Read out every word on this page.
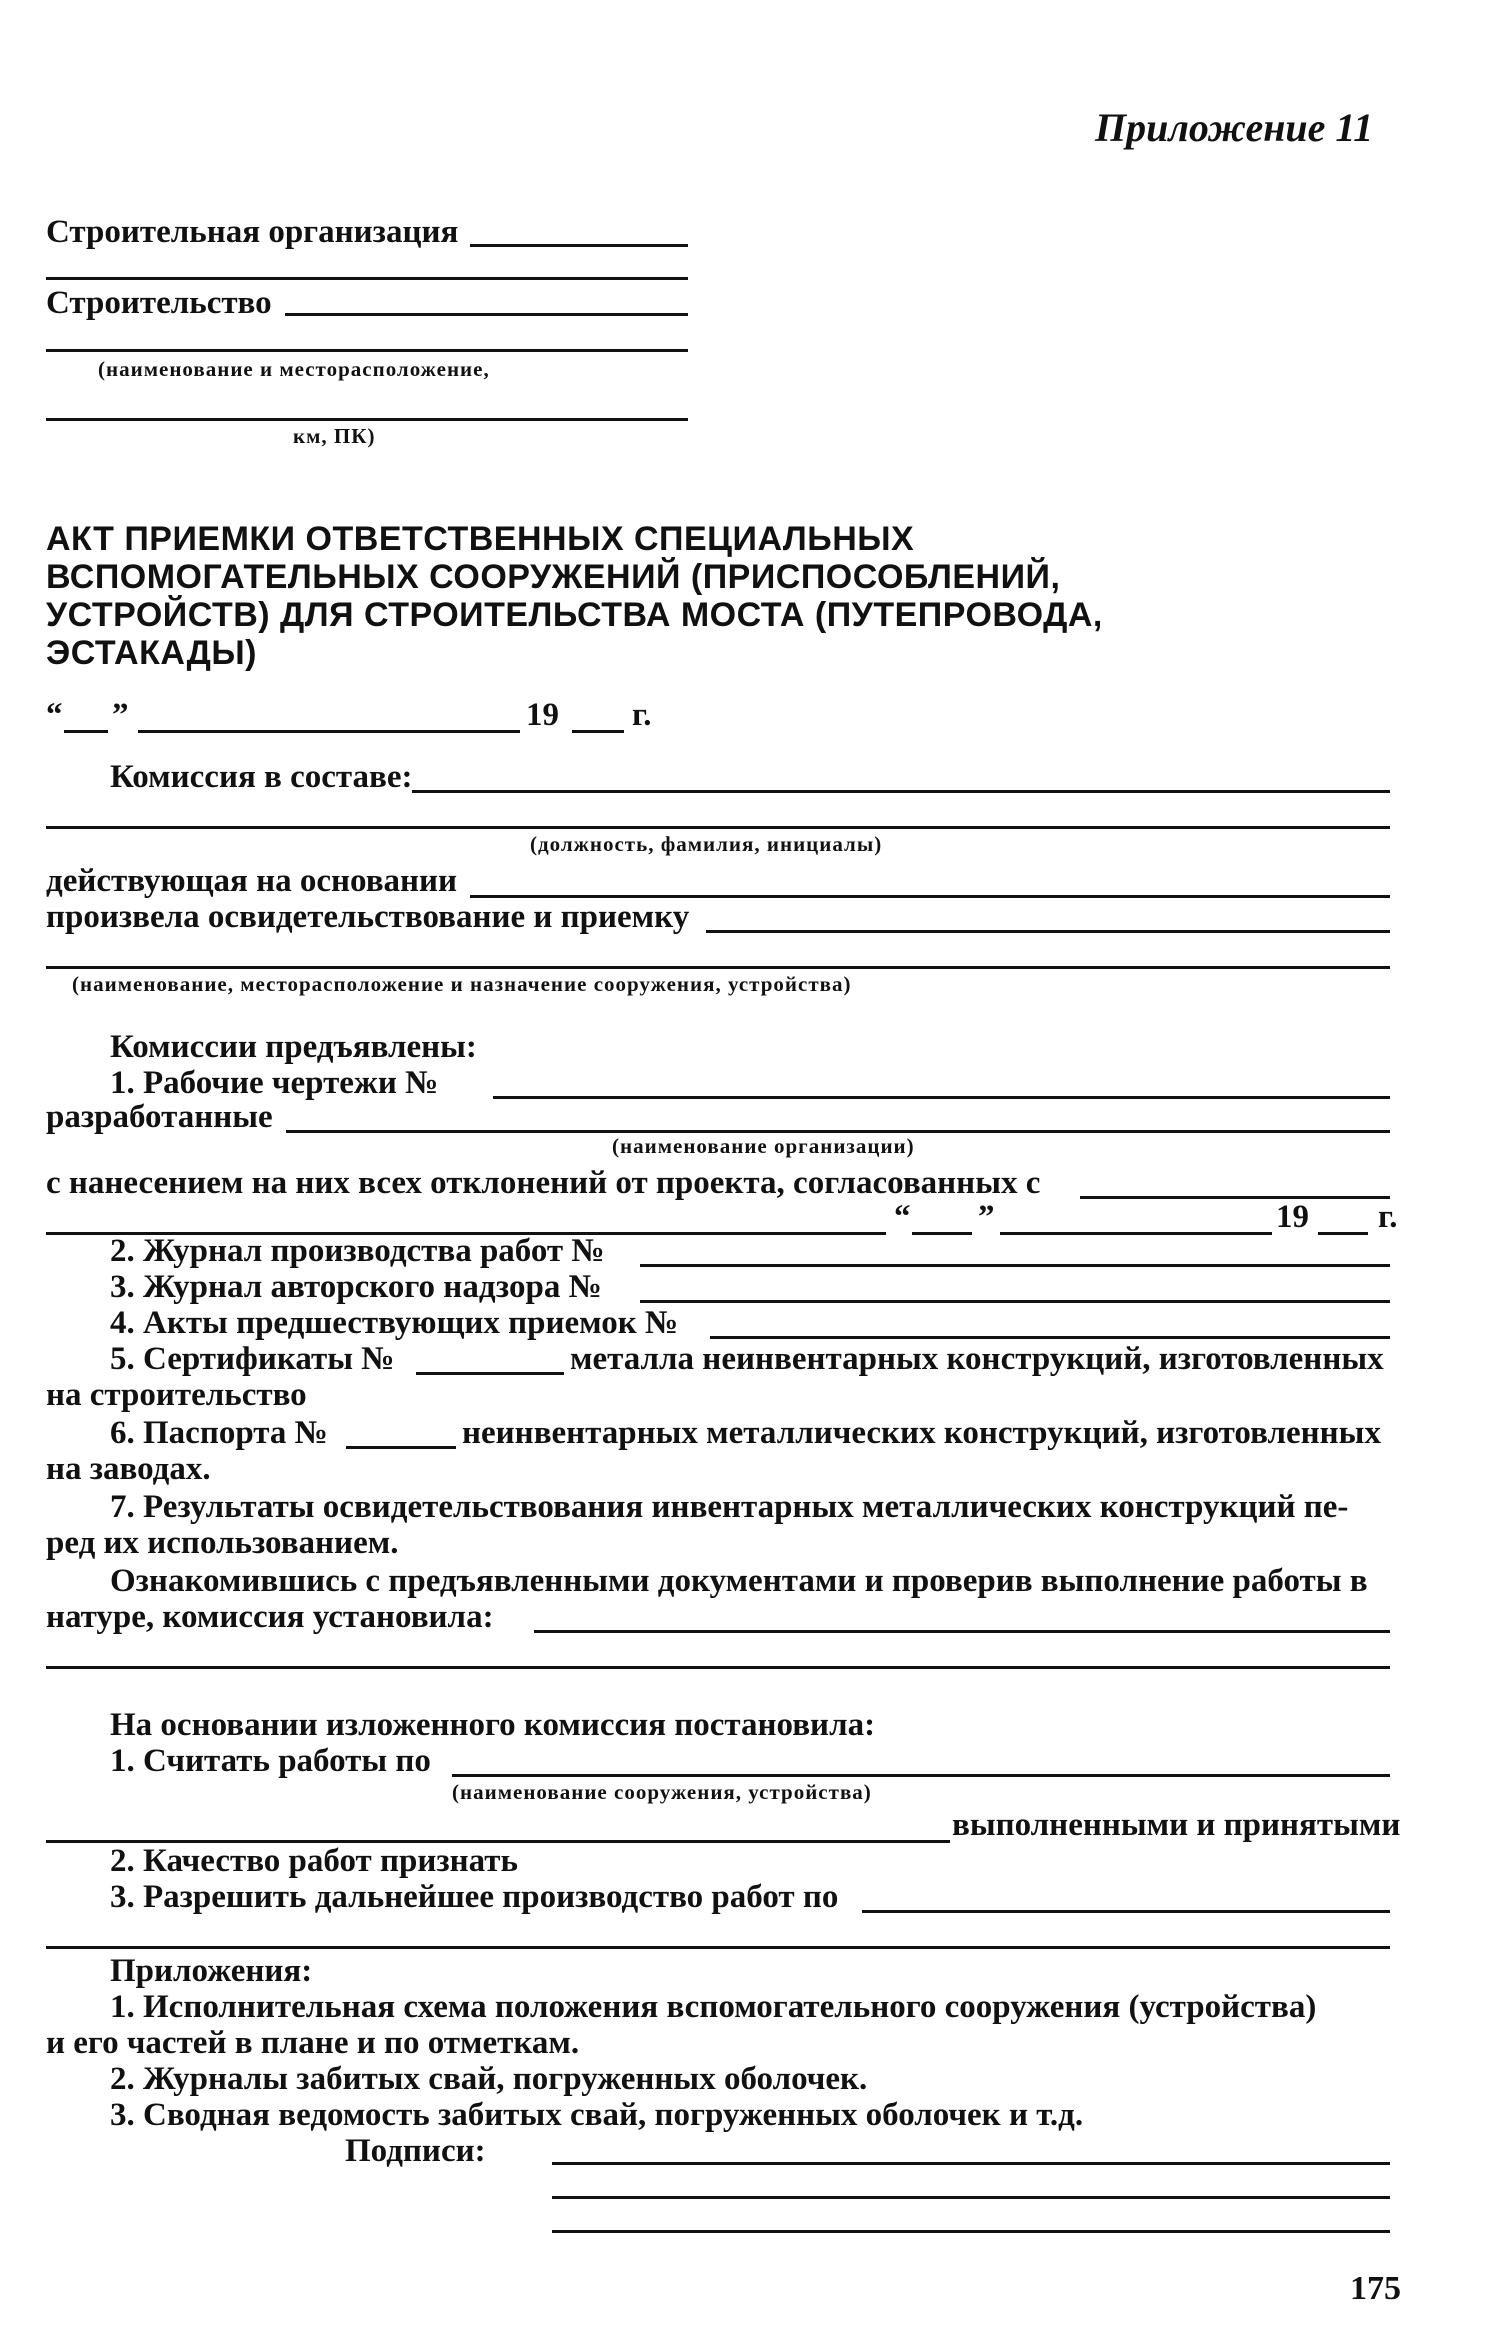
Приложение 11
Строительная организация
Строительство
(наименование и месторасположение,
км, ПК)
АКТ ПРИЕМКИ ОТВЕТСТВЕННЫХ СПЕЦИАЛЬНЫХ
ВСПОМОГАТЕЛЬНЫХ СООРУЖЕНИЙ (ПРИСПОСОБЛЕНИЙ,
УСТРОЙСТВ) ДЛЯ СТРОИТЕЛЬСТВА МОСТА (ПУТЕПРОВОДА,
ЭСТАКАДЫ)
“ ”	19 г.
Комиссия в составе:
(должность, фамилия, инициалы)
действующая на основании
произвела освидетельствование и приемку
(наименование, месторасположение и назначение сооружения, устройства)
Комиссии предъявлены:
1. Рабочие чертежи №
разработанные
(наименование организации)
с нанесением на них всех отклонений от проекта, согласованных с
“ ”	19 г.
2. Журнал производства работ №
3. Журнал авторского надзора №
4. Акты предшествующих приемок №
5. Сертификаты №	металла неинвентарных конструкций, изготовленных
на строительство
6. Паспорта №	неинвентарных металлических конструкций, изготовленных
на заводах.
7. Результаты освидетельствования инвентарных металлических конструкций пе-
ред их использованием.
Ознакомившись с предъявленными документами и проверив выполнение работы в
натуре, комиссия установила:
На основании изложенного комиссия постановила:
1. Считать работы по
(наименование сооружения, устройства)
выполненными и принятыми
2. Качество работ признать
3. Разрешить дальнейшее производство работ по
Приложения:
1. Исполнительная схема положения вспомогательного сооружения (устройства)
и его частей в плане и по отметкам.
2. Журналы забитых свай, погруженных оболочек.
3. Сводная ведомость забитых свай, погруженных оболочек и т.д.
Подписи:
175
